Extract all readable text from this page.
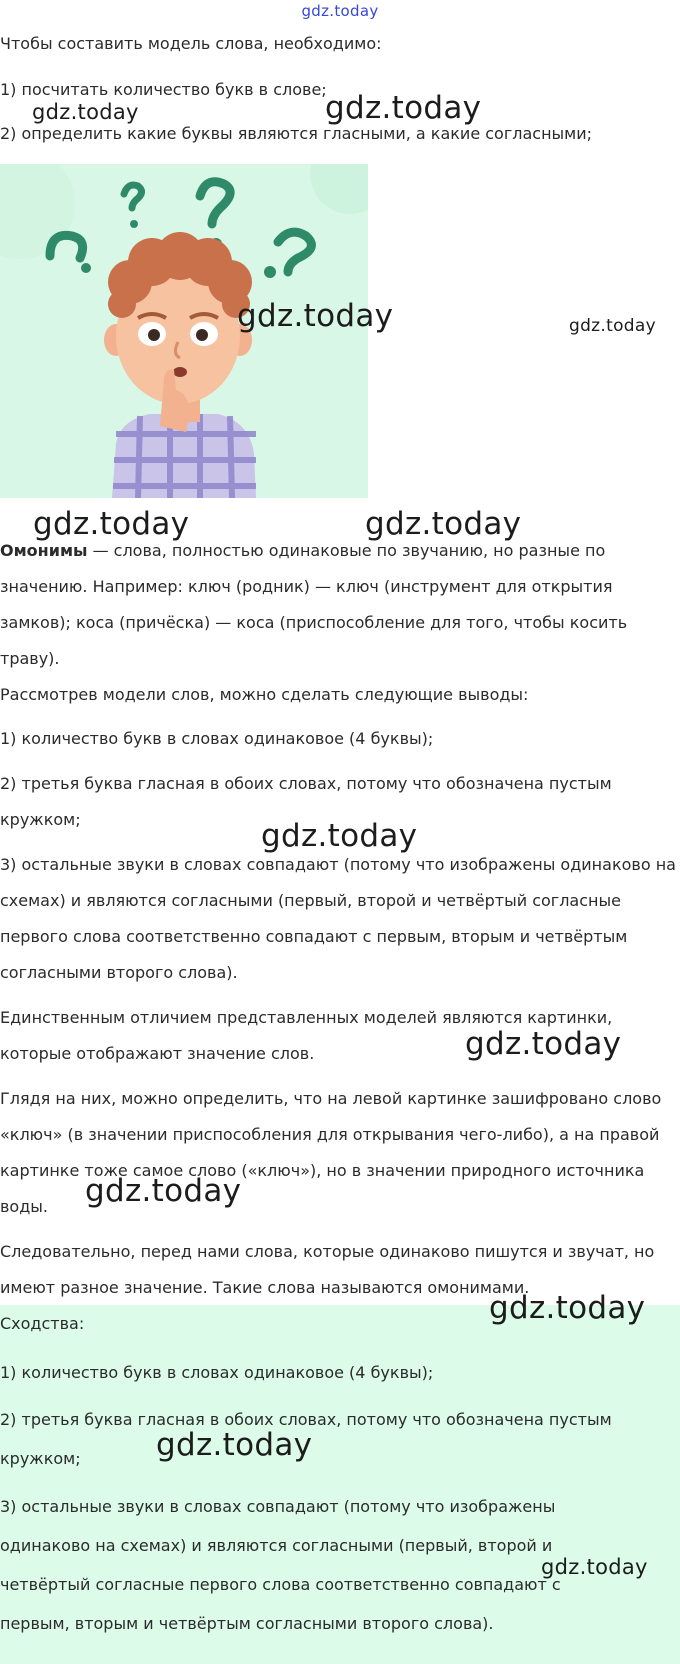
gdz.today

Чтобы составить модель слова, необходимо:

1) посчитать количество букв в слове;

2) определить какие буквы являются гласными, а какие согласными;

gdz.today	gdz.today
gdz.today	gdz.today
gdz.today	gdz.today

Омонимы — слова, полностью одинаковые по звучанию, но разные по

значению. Например: ключ (родник) — ключ (инструмент для открытия

замков); коса (причёска) — коса (приспособление для того, чтобы косить

траву).

Рассмотрев модели слов, можно сделать следующие выводы:

1) количество букв в словах одинаковое (4 буквы);

2) третья буква гласная в обоих словах, потому что обозначена пустым

кружком;	gdz.today

3) остальные звуки в словах совпадают (потому что изображены одинаково на

схемах) и являются согласными (первый, второй и четвёртый согласные

первого слова соответственно совпадают с первым, вторым и четвёртым

согласными второго слова).

Единственным отличием представленных моделей являются картинки,

которые отображают значение слов.	gdz.today

Глядя на них, можно определить, что на левой картинке зашифровано слово

«ключ» (в значении приспособления для открывания чего-либо), а на правой

картинке тоже самое слово («ключ»), но в значении природного источника

воды. gdz.today

Следовательно, перед нами слова, которые одинаково пишутся и звучат, но

имеют разное значение. Такие слова называются омонимами.

gdz.today

Сходства:

1) количество букв в словах одинаковое (4 буквы);

2) третья буква гласная в обоих словах, потому что обозначена пустым

кружком; gdz.today

3) остальные звуки в словах совпадают (потому что изображены

одинаково на схемах) и являются согласными (первый, второй и

четвёртый согласные первого слова соответственно совпадают с

первым, вторым и четвёртым согласными второго слова).

gdz.today
